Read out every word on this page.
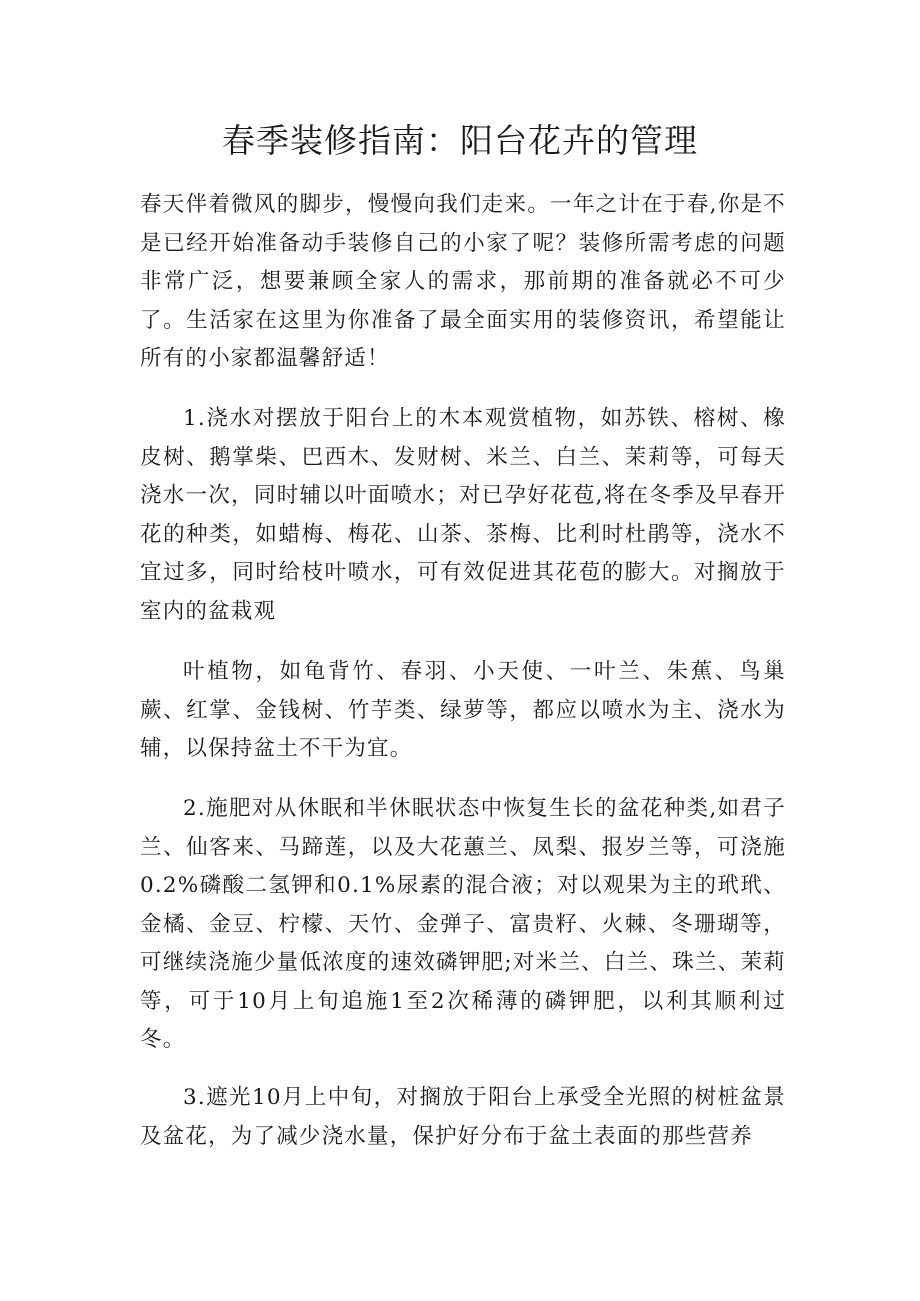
春季装修指南：阳台花卉的管理

春天伴着微风的脚步，慢慢向我们走来。一年之计在于春,你是不是已经开始准备动手装修自己的小家了呢？装修所需考虑的问题非常广泛，想要兼顾全家人的需求，那前期的准备就必不可少了。生活家在这里为你准备了最全面实用的装修资讯，希望能让所有的小家都温馨舒适！

1.浇水对摆放于阳台上的木本观赏植物，如苏铁、榕树、橡皮树、鹅掌柴、巴西木、发财树、米兰、白兰、茉莉等，可每天浇水一次，同时辅以叶面喷水；对已孕好花苞,将在冬季及早春开花的种类，如蜡梅、梅花、山茶、茶梅、比利时杜鹃等，浇水不宜过多，同时给枝叶喷水，可有效促进其花苞的膨大。对搁放于室内的盆栽观

叶植物，如龟背竹、春羽、小天使、一叶兰、朱蕉、鸟巢蕨、红掌、金钱树、竹芋类、绿萝等，都应以喷水为主、浇水为辅，以保持盆土不干为宜。

2.施肥对从休眠和半休眠状态中恢复生长的盆花种类,如君子兰、仙客来、马蹄莲，以及大花蕙兰、凤梨、报岁兰等，可浇施0.2%磷酸二氢钾和0.1%尿素的混合液；对以观果为主的玳玳、金橘、金豆、柠檬、天竹、金弹子、富贵籽、火棘、冬珊瑚等，可继续浇施少量低浓度的速效磷钾肥;对米兰、白兰、珠兰、茉莉等，可于10月上旬追施1至2次稀薄的磷钾肥，以利其顺利过冬。

3.遮光10月上中旬，对搁放于阳台上承受全光照的树桩盆景及盆花，为了减少浇水量，保护好分布于盆土表面的那些营养
